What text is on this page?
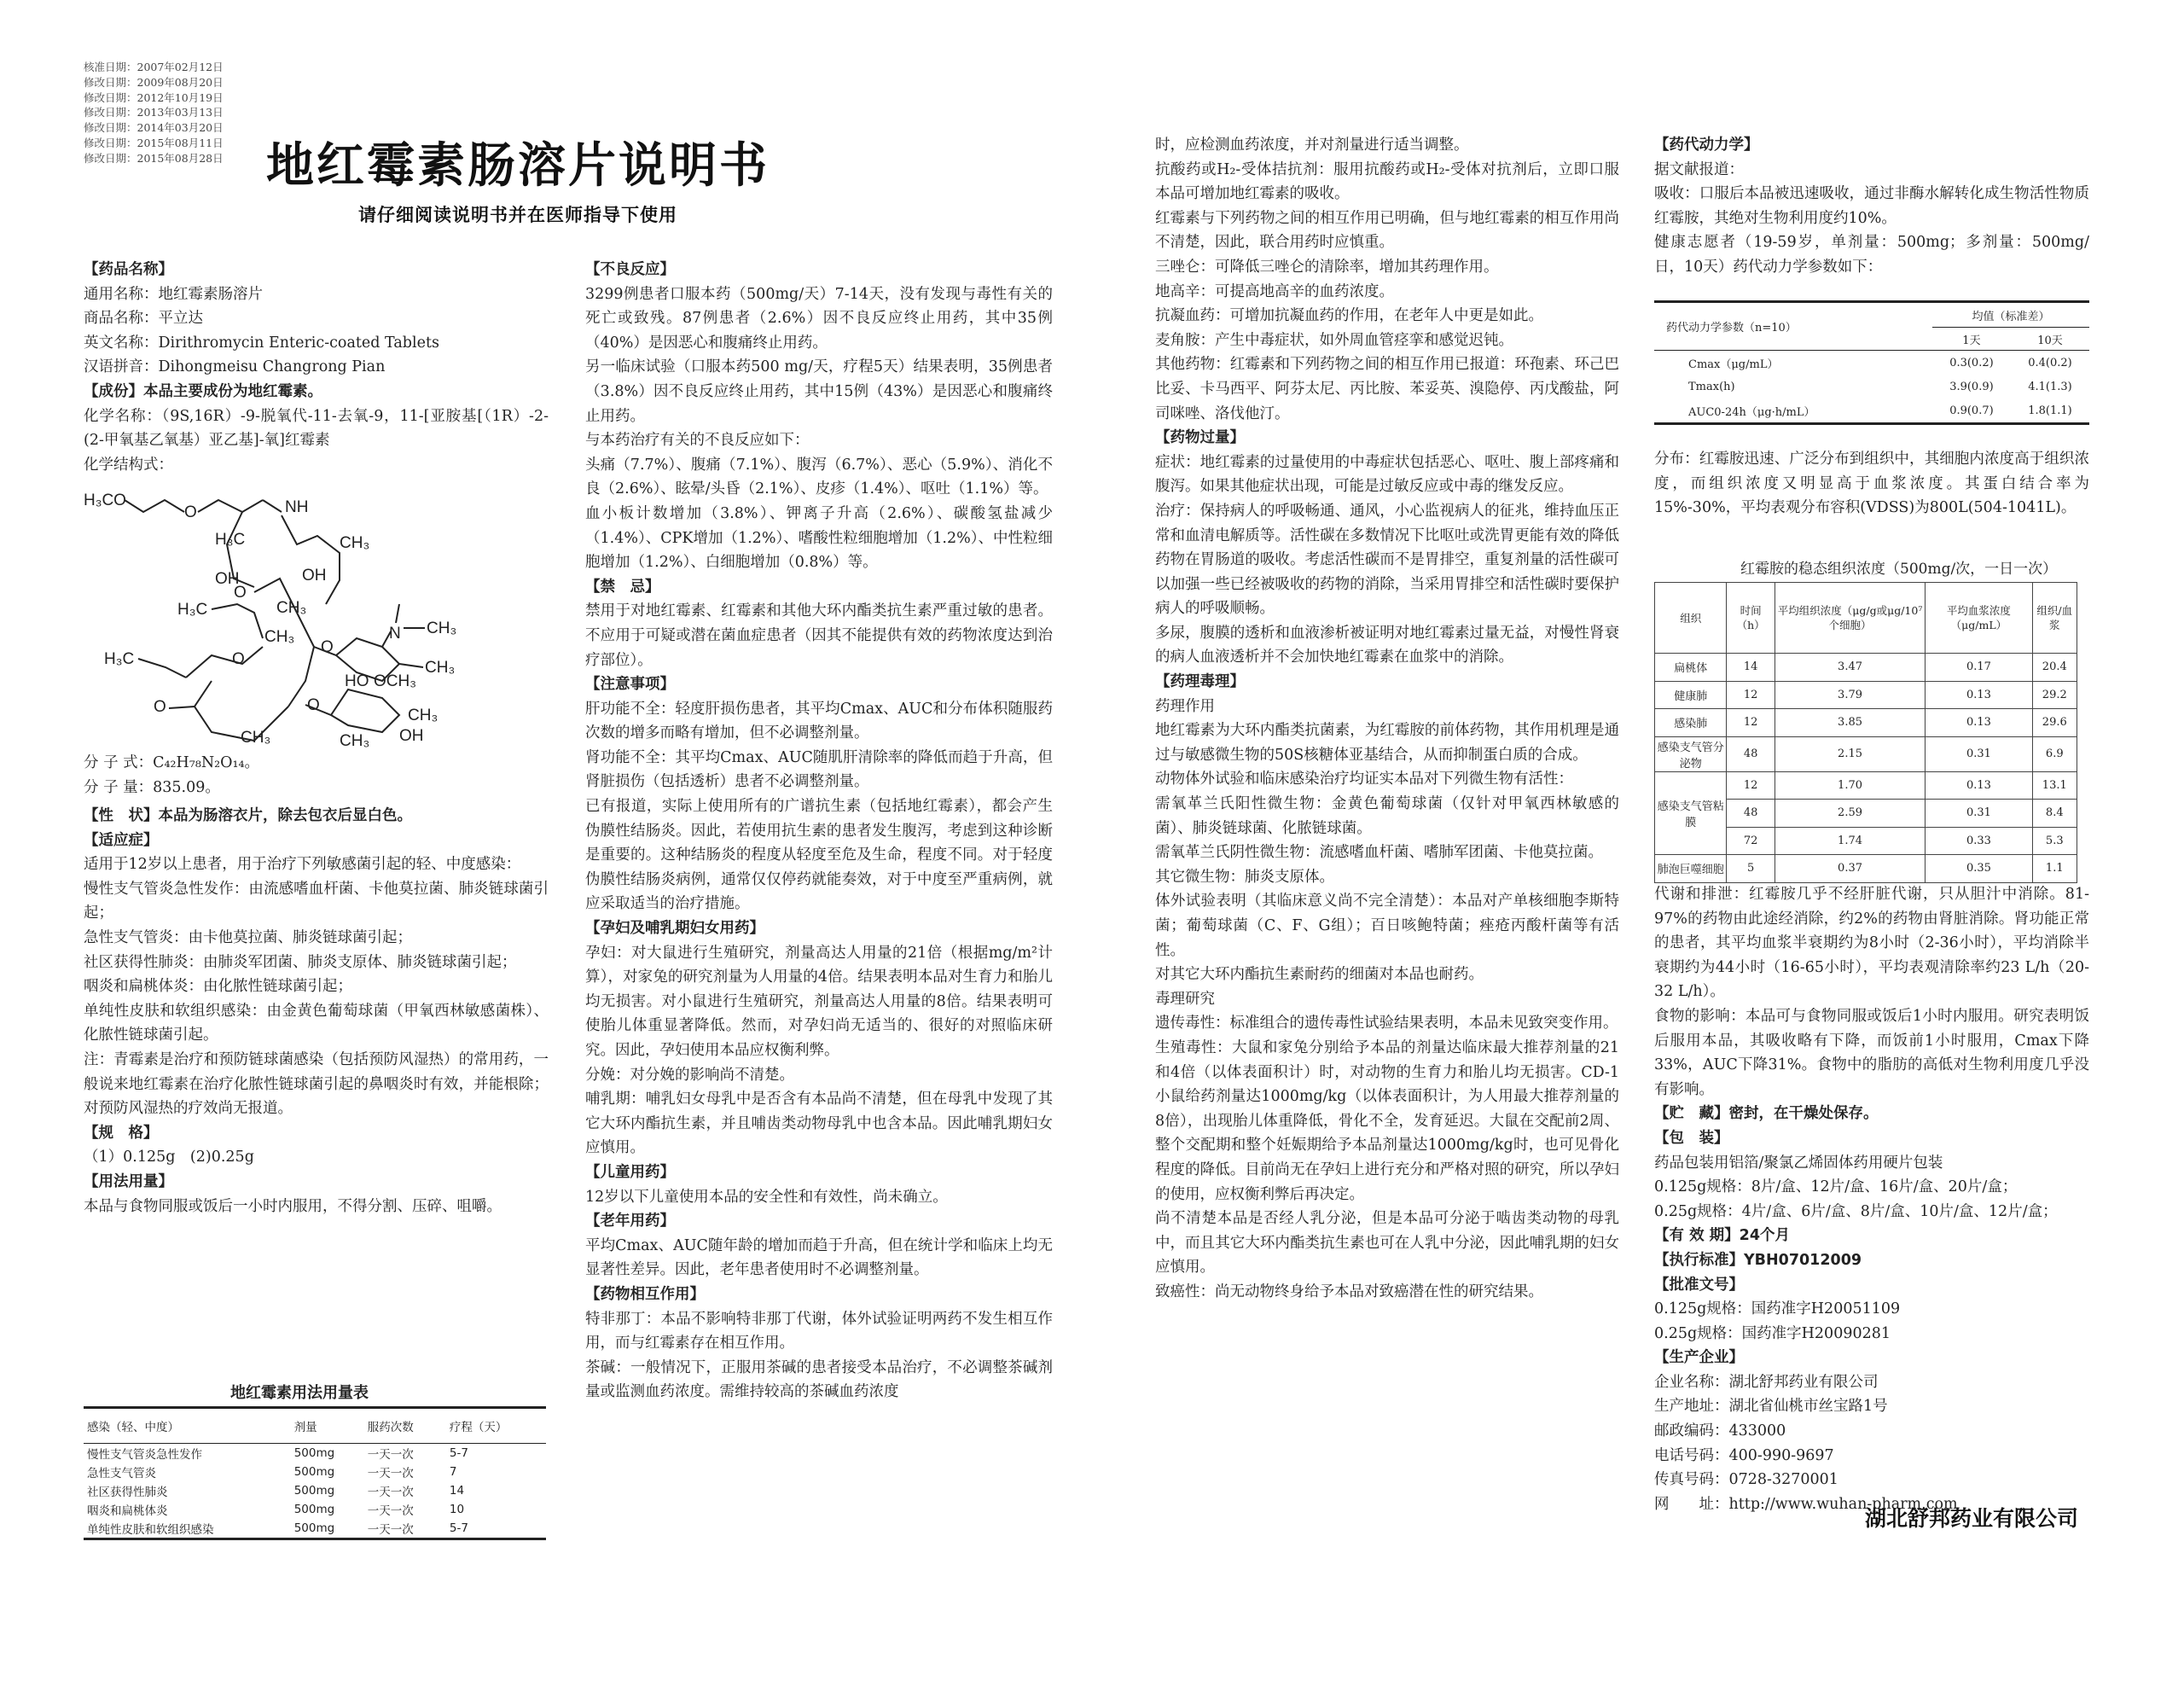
核准日期：2007年02月12日
修改日期：2009年08月20日
修改日期：2012年10月19日
修改日期：2013年03月13日
修改日期：2014年03月20日
修改日期：2015年08月11日
修改日期：2015年08月28日 地红霉素肠溶片说明书
请仔细阅读说明书并在医师指导下使用

【药品名称】

通用名称：地红霉素肠溶片

商品名称：平立达

英文名称：Dirithromycin Enteric-coated Tablets

汉语拼音：Dihongmeisu Changrong Pian

【成份】本品主要成份为地红霉素。

化学名称：（9S,16R）-9-脱氧代-11-去氧-9，11-[亚胺基[（1R）-2-(2-甲氧基乙氧基）亚乙基]-氧]红霉素

化学结构式：

H₃CO
O	NH
H₃C	CH₃
O
OH	OH
H₃C	CH₃
CH₃
H₃C	O
O
CH₃
O
N CH₃
CH₃
HO
O
OCH₃
CH₃
OH
CH₃
分 子 式：C₄₂H₇₈N₂O₁₄。
分 子 量：835.09。

【性　状】本品为肠溶衣片，除去包衣后显白色。

【适应症】

适用于12岁以上患者，用于治疗下列敏感菌引起的轻、中度感染：

慢性支气管炎急性发作：由流感嗜血杆菌、卡他莫拉菌、肺炎链球菌引起；

急性支气管炎：由卡他莫拉菌、肺炎链球菌引起；

社区获得性肺炎：由肺炎军团菌、肺炎支原体、肺炎链球菌引起；

咽炎和扁桃体炎：由化脓性链球菌引起；

单纯性皮肤和软组织感染：由金黄色葡萄球菌（甲氧西林敏感菌株）、化脓性链球菌引起。

注：青霉素是治疗和预防链球菌感染（包括预防风湿热）的常用药，一般说来地红霉素在治疗化脓性链球菌引起的鼻咽炎时有效，并能根除；对预防风湿热的疗效尚无报道。

【规　格】

（1）0.125g　(2)0.25g

【用法用量】

本品与食物同服或饭后一小时内服用，不得分割、压碎、咀嚼。

地红霉素用法用量表
感染（轻、中度）	剂量	服药次数	疗程（天）
慢性支气管炎急性发作	500mg	一天一次	5-7
急性支气管炎	500mg	一天一次	7
社区获得性肺炎	500mg	一天一次	14
咽炎和扁桃体炎	500mg	一天一次	10
单纯性皮肤和软组织感染	500mg	一天一次	5-7

【不良反应】

3299例患者口服本药（500mg/天）7-14天，没有发现与毒性有关的死亡或致残。87例患者（2.6%）因不良反应终止用药，其中35例（40%）是因恶心和腹痛终止用药。

另一临床试验（口服本药500 mg/天，疗程5天）结果表明，35例患者（3.8%）因不良反应终止用药，其中15例（43%）是因恶心和腹痛终止用药。

与本药治疗有关的不良反应如下：

头痛（7.7%）、腹痛（7.1%）、腹泻（6.7%）、恶心（5.9%）、消化不良（2.6%）、眩晕/头昏（2.1%）、皮疹（1.4%）、呕吐（1.1%）等。

血小板计数增加（3.8%）、钾离子升高（2.6%）、碳酸氢盐减少（1.4%）、CPK增加（1.2%）、嗜酸性粒细胞增加（1.2%）、中性粒细胞增加（1.2%）、白细胞增加（0.8%）等。

【禁　忌】

禁用于对地红霉素、红霉素和其他大环内酯类抗生素严重过敏的患者。不应用于可疑或潜在菌血症患者（因其不能提供有效的药物浓度达到治疗部位）。

【注意事项】

肝功能不全：轻度肝损伤患者，其平均Cmax、AUC和分布体积随服药次数的增多而略有增加，但不必调整剂量。

肾功能不全：其平均Cmax、AUC随肌肝清除率的降低而趋于升高，但肾脏损伤（包括透析）患者不必调整剂量。

已有报道，实际上使用所有的广谱抗生素（包括地红霉素），都会产生伪膜性结肠炎。因此，若使用抗生素的患者发生腹泻，考虑到这种诊断是重要的。这种结肠炎的程度从轻度至危及生命，程度不同。对于轻度伪膜性结肠炎病例，通常仅仅停药就能奏效，对于中度至严重病例，就应采取适当的治疗措施。

【孕妇及哺乳期妇女用药】

孕妇：对大鼠进行生殖研究，剂量高达人用量的21倍（根据mg/m²计算），对家兔的研究剂量为人用量的4倍。结果表明本品对生育力和胎儿均无损害。对小鼠进行生殖研究，剂量高达人用量的8倍。结果表明可使胎儿体重显著降低。然而，对孕妇尚无适当的、很好的对照临床研究。因此，孕妇使用本品应权衡利弊。

分娩：对分娩的影响尚不清楚。

哺乳期：哺乳妇女母乳中是否含有本品尚不清楚，但在母乳中发现了其它大环内酯抗生素，并且哺齿类动物母乳中也含本品。因此哺乳期妇女应慎用。

【儿童用药】

12岁以下儿童使用本品的安全性和有效性，尚未确立。

【老年用药】

平均Cmax、AUC随年龄的增加而趋于升高，但在统计学和临床上均无显著性差异。因此，老年患者使用时不必调整剂量。

【药物相互作用】

特非那丁：本品不影响特非那丁代谢，体外试验证明两药不发生相互作用，而与红霉素存在相互作用。

茶碱：一般情况下，正服用茶碱的患者接受本品治疗，不必调整茶碱剂量或监测血药浓度。需维持较高的茶碱血药浓度

时，应检测血药浓度，并对剂量进行适当调整。

抗酸药或H₂-受体拮抗剂：服用抗酸药或H₂-受体对抗剂后，立即口服本品可增加地红霉素的吸收。

红霉素与下列药物之间的相互作用已明确，但与地红霉素的相互作用尚不清楚，因此，联合用药时应慎重。

三唑仑：可降低三唑仑的清除率，增加其药理作用。

地高辛：可提高地高辛的血药浓度。

抗凝血药：可增加抗凝血药的作用，在老年人中更是如此。

麦角胺：产生中毒症状，如外周血管痉挛和感觉迟钝。

其他药物：红霉素和下列药物之间的相互作用已报道：环孢素、环己巴比妥、卡马西平、阿芬太尼、丙比胺、苯妥英、溴隐停、丙戊酸盐，阿司咪唑、洛伐他汀。

【药物过量】

症状：地红霉素的过量使用的中毒症状包括恶心、呕吐、腹上部疼痛和腹泻。如果其他症状出现，可能是过敏反应或中毒的继发反应。

治疗：保持病人的呼吸畅通、通风，小心监视病人的征兆，维持血压正常和血清电解质等。活性碳在多数情况下比呕吐或洗胃更能有效的降低药物在胃肠道的吸收。考虑活性碳而不是胃排空，重复剂量的活性碳可以加强一些已经被吸收的药物的消除，当采用胃排空和活性碳时要保护病人的呼吸顺畅。

多尿，腹膜的透析和血液渗析被证明对地红霉素过量无益，对慢性肾衰的病人血液透析并不会加快地红霉素在血浆中的消除。

【药理毒理】

药理作用

地红霉素为大环内酯类抗菌素，为红霉胺的前体药物，其作用机理是通过与敏感微生物的50S核糖体亚基结合，从而抑制蛋白质的合成。

动物体外试验和临床感染治疗均证实本品对下列微生物有活性：

需氧革兰氏阳性微生物：金黄色葡萄球菌（仅针对甲氧西林敏感的菌）、肺炎链球菌、化脓链球菌。

需氧革兰氏阴性微生物：流感嗜血杆菌、嗜肺军团菌、卡他莫拉菌。

其它微生物：肺炎支原体。

体外试验表明（其临床意义尚不完全清楚）：本品对产单核细胞李斯特菌；葡萄球菌（C、F、G组）；百日咳鲍特菌；痤疮丙酸杆菌等有活性。

对其它大环内酯抗生素耐药的细菌对本品也耐药。

毒理研究

遗传毒性：标准组合的遗传毒性试验结果表明，本品未见致突变作用。

生殖毒性：大鼠和家兔分别给予本品的剂量达临床最大推荐剂量的21和4倍（以体表面积计）时，对动物的生育力和胎儿均无损害。CD-1小鼠给药剂量达1000mg/kg（以体表面积计，为人用最大推荐剂量的8倍），出现胎儿体重降低，骨化不全，发育延迟。大鼠在交配前2周、整个交配期和整个妊娠期给予本品剂量达1000mg/kg时，也可见骨化程度的降低。目前尚无在孕妇上进行充分和严格对照的研究，所以孕妇的使用，应权衡利弊后再决定。

尚不清楚本品是否经人乳分泌，但是本品可分泌于啮齿类动物的母乳中，而且其它大环内酯类抗生素也可在人乳中分泌，因此哺乳期的妇女应慎用。

致癌性：尚无动物终身给予本品对致癌潜在性的研究结果。

【药代动力学】

据文献报道：

吸收：口服后本品被迅速吸收，通过非酶水解转化成生物活性物质红霉胺，其绝对生物利用度约10%。

健康志愿者（19-59岁，单剂量：500mg；多剂量：500mg/日，10天）药代动力学参数如下：

药代动力学参数（n=10）	均值（标准差）	
	1天	10天
Cmax（μg/mL）	0.3(0.2)	0.4(0.2)
Tmax(h)	3.9(0.9)	4.1(1.3)
AUC0-24h（μg·h/mL）	0.9(0.7)	1.8(1.1)

分布：红霉胺迅速、广泛分布到组织中，其细胞内浓度高于组织浓度，而组织浓度又明显高于血浆浓度。其蛋白结合率为15%-30%，平均表观分布容积(VDSS)为800L(504-1041L)。

红霉胺的稳态组织浓度（500mg/次，一日一次）
组织	时间（h）	平均组织浓度（μg/g或μg/10⁷个细胞）	平均血浆浓度（μg/mL）	组织/血浆
扁桃体	14	3.47	0.17	20.4
健康肺	12	3.79	0.13	29.2
感染肺	12	3.85	0.13	29.6
感染支气管分泌物	48	2.15	0.31	6.9
感染支气管粘膜	12	1.70	0.13	13.1
	48	2.59	0.31	8.4
	72	1.74	0.33	5.3
肺泡巨噬细胞	5	0.37	0.35	1.1

代谢和排泄：红霉胺几乎不经肝脏代谢，只从胆汁中消除。81-97%的药物由此途经消除，约2%的药物由肾脏消除。肾功能正常的患者，其平均血浆半衰期约为8小时（2-36小时），平均消除半衰期约为44小时（16-65小时），平均表观清除率约23 L/h（20-32 L/h）。

食物的影响：本品可与食物同服或饭后1小时内服用。研究表明饭后服用本品，其吸收略有下降，而饭前1小时服用，Cmax下降33%，AUC下降31%。食物中的脂肪的高低对生物利用度几乎没有影响。

【贮　藏】密封，在干燥处保存。

【包　装】

药品包装用铝箔/聚氯乙烯固体药用硬片包装

0.125g规格：8片/盒、12片/盒、16片/盒、20片/盒；

0.25g规格：4片/盒、6片/盒、8片/盒、10片/盒、12片/盒；

【有 效 期】24个月

【执行标准】YBH07012009

【批准文号】

0.125g规格：国药准字H20051109

0.25g规格：国药准字H20090281

【生产企业】

企业名称：湖北舒邦药业有限公司

生产地址：湖北省仙桃市丝宝路1号

邮政编码：433000

电话号码：400-990-9697

传真号码：0728-3270001

网　　址：http://www.wuhan-pharm.com

湖北舒邦药业有限公司
